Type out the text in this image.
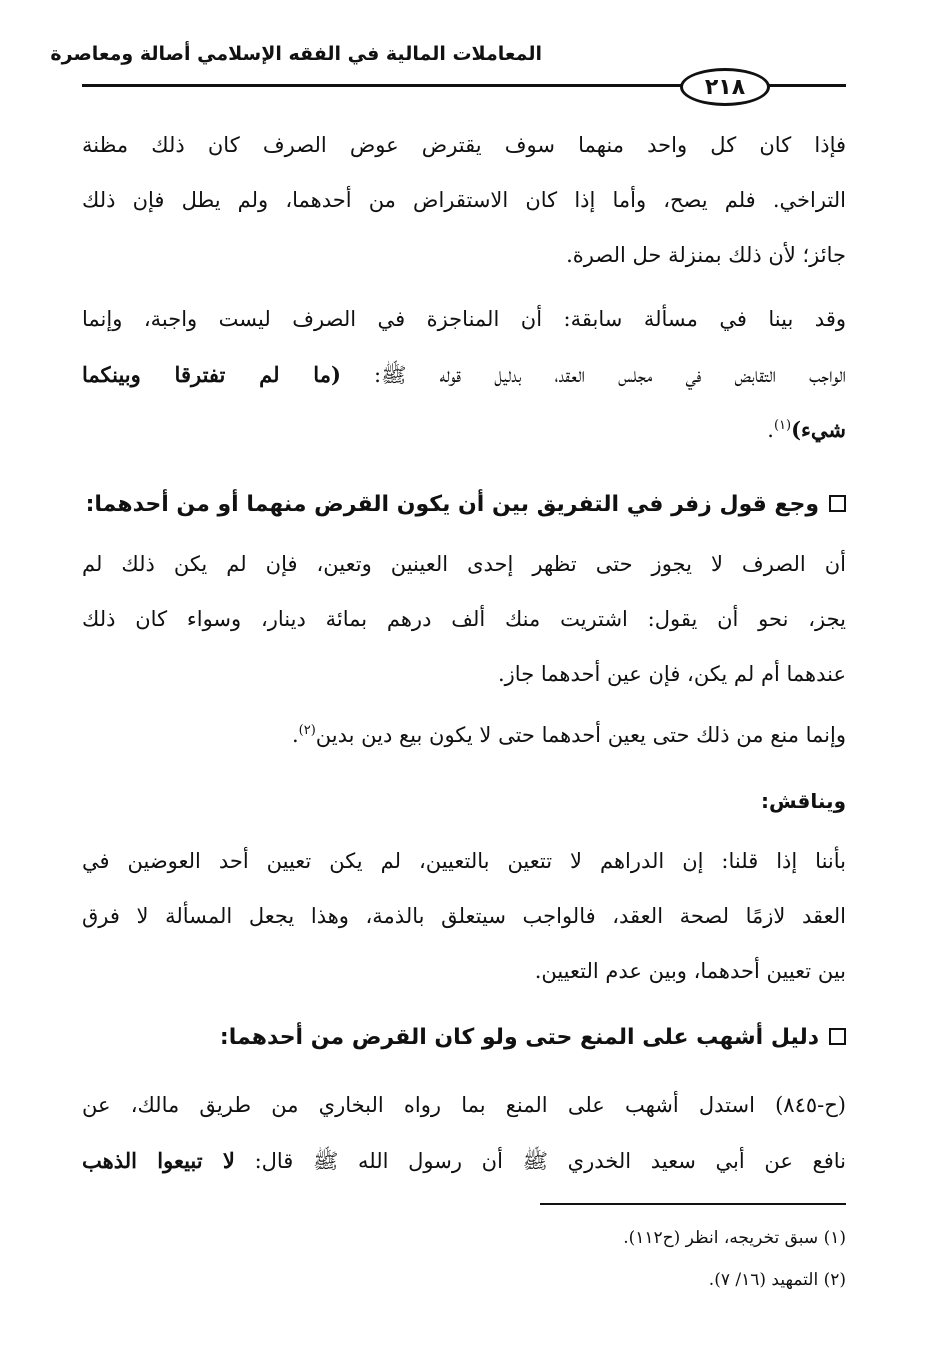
المعاملات المالية في الفقه الإسلامي أصالة ومعاصرة
٢١٨
فإذا كان كل واحد منهما سوف يقترض عوض الصرف كان ذلك مظنة
التراخي. فلم يصح، وأما إذا كان الاستقراض من أحدهما، ولم يطل فإن ذلك
جائز؛ لأن ذلك بمنزلة حل الصرة.
وقد بينا في مسألة سابقة: أن المناجزة في الصرف ليست واجبة، وإنما
الواجب التقابض في مجلس العقد، بدليل قوله ﷺ: (ما لم تفترقا وبينكما
شيء)$^{(١)}$.
وجع قول زفر في التفريق بين أن يكون القرض منهما أو من أحدهما:
أن الصرف لا يجوز حتى تظهر إحدى العينين وتعين، فإن لم يكن ذلك لم
يجز، نحو أن يقول: اشتريت منك ألف درهم بمائة دينار، وسواء كان ذلك
عندهما أم لم يكن، فإن عين أحدهما جاز.
وإنما منع من ذلك حتى يعين أحدهما حتى لا يكون بيع دين بدين$^{(٢)}$.
ويناقش:
بأننا إذا قلنا: إن الدراهم لا تتعين بالتعيين، لم يكن تعيين أحد العوضين في
العقد لازمًا لصحة العقد، فالواجب سيتعلق بالذمة، وهذا يجعل المسألة لا فرق
بين تعيين أحدهما، وبين عدم التعيين.
دليل أشهب على المنع حتى ولو كان القرض من أحدهما:
(ح-٨٤٥) استدل أشهب على المنع بما رواه البخاري من طريق مالك، عن
نافع عن أبي سعيد الخدري ﷺ أن رسول الله ﷺ قال: لا تبيعوا الذهب
(١) سبق تخريجه، انظر (ح١١٢).
(٢) التمهيد (١٦/ ٧).
